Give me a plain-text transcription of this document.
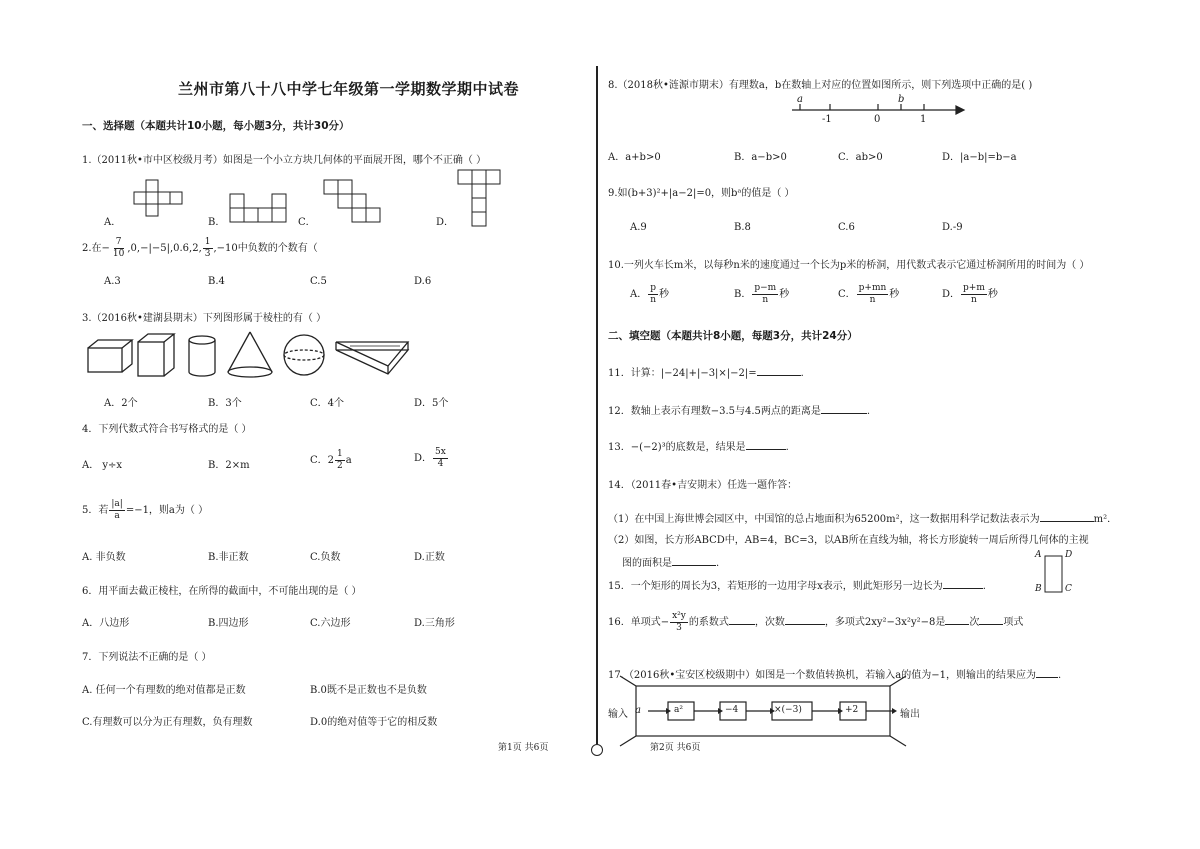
兰州市第八十八中学七年级第一学期数学期中试卷
一、选择题（本题共计10小题，每小题3分，共计30分）
1.（2011秋•市中区校级月考）如图是一个小立方块几何体的平面展开图，哪个不正确（ ）
A．	B．	C．	D．
2.在− $\frac{7}{10} ,0,-|-5|,0.6,2$, $\frac{1}{3} ,-10$中负数的个数有（
A.3	B.4	C.5	D.6
3.（2016秋•建湖县期末）下列图形属于棱柱的有（ ）
A．2个	B．3个	C．4个	D．5个
4．下列代数式符合书写格式的是（ ）
A． y÷x	B．2×m	C．$2 \frac{1}{2}$ a	D． $\frac{5x}{4}$
5．若 $\frac{|a|}{a} =-1$，则a为（ ）
A. 非负数	B.非正数	C.负数	D.正数
6．用平面去截正棱柱，在所得的截面中，不可能出现的是（ ）
A．八边形	B.四边形	C.六边形	D.三角形
7．下列说法不正确的是（ ）
A. 任何一个有理数的绝对值都是正数	B.0既不是正数也不是负数
C.有理数可以分为正有理数，负有理数	D.0的绝对值等于它的相反数
第1页 共6页
8.（2018秋•涟源市期末）有理数a，b在数轴上对应的位置如图所示，则下列选项中正确的是( )
a	b
-1	0	1
A．a+b>0	B．a−b>0	C．ab>0	D．|a−b|=b−a
9.如(b+3)²+|a−2|=0，则bᵃ的值是（ ）
A.9	B.8	C.6	D.-9
10.一列火车长m米，以每秒n米的速度通过一个长为p米的桥洞，用代数式表示它通过桥洞所用的时间为（ ）
A． $\frac{p}{n}$ 秒	B． $\frac{p-m}{n}$ 秒	C． $\frac{p+mn}{n}$ 秒	D． $\frac{p+m}{n}$ 秒
二、填空题（本题共计8小题，每题3分，共计24分）
11．计算：|−24|+|−3|×|−2|=	.
12．数轴上表示有理数−3.5与4.5两点的距离是	.
13．−(−2)³的底数是，结果是	.
14．（2011春•吉安期末）任选一题作答：
（1）在中国上海世博会园区中，中国馆的总占地面积为65200m²，这一数据用科学记数法表示为	m²．
（2）如图，长方形ABCD中，AB=4，BC=3，以AB所在直线为轴，将长方形旋转一周后所得几何体的主视
图的面积是	.
A	D
B	C
15．一个矩形的周长为3，若矩形的一边用字母x表示，则此矩形另一边长为	.
16．单项式− $\frac{\text{x²y}}{3}$ 的系数式	，次数	，多项式2xy²−3x²y²−8是 次 项式
17.（2016秋•宝安区校级期中）如图是一个数值转换机，若输入a的值为−1，则输出的结果应为 .
输入 a	a²	−4	×(−3)	+2	输出
第2页 共6页
